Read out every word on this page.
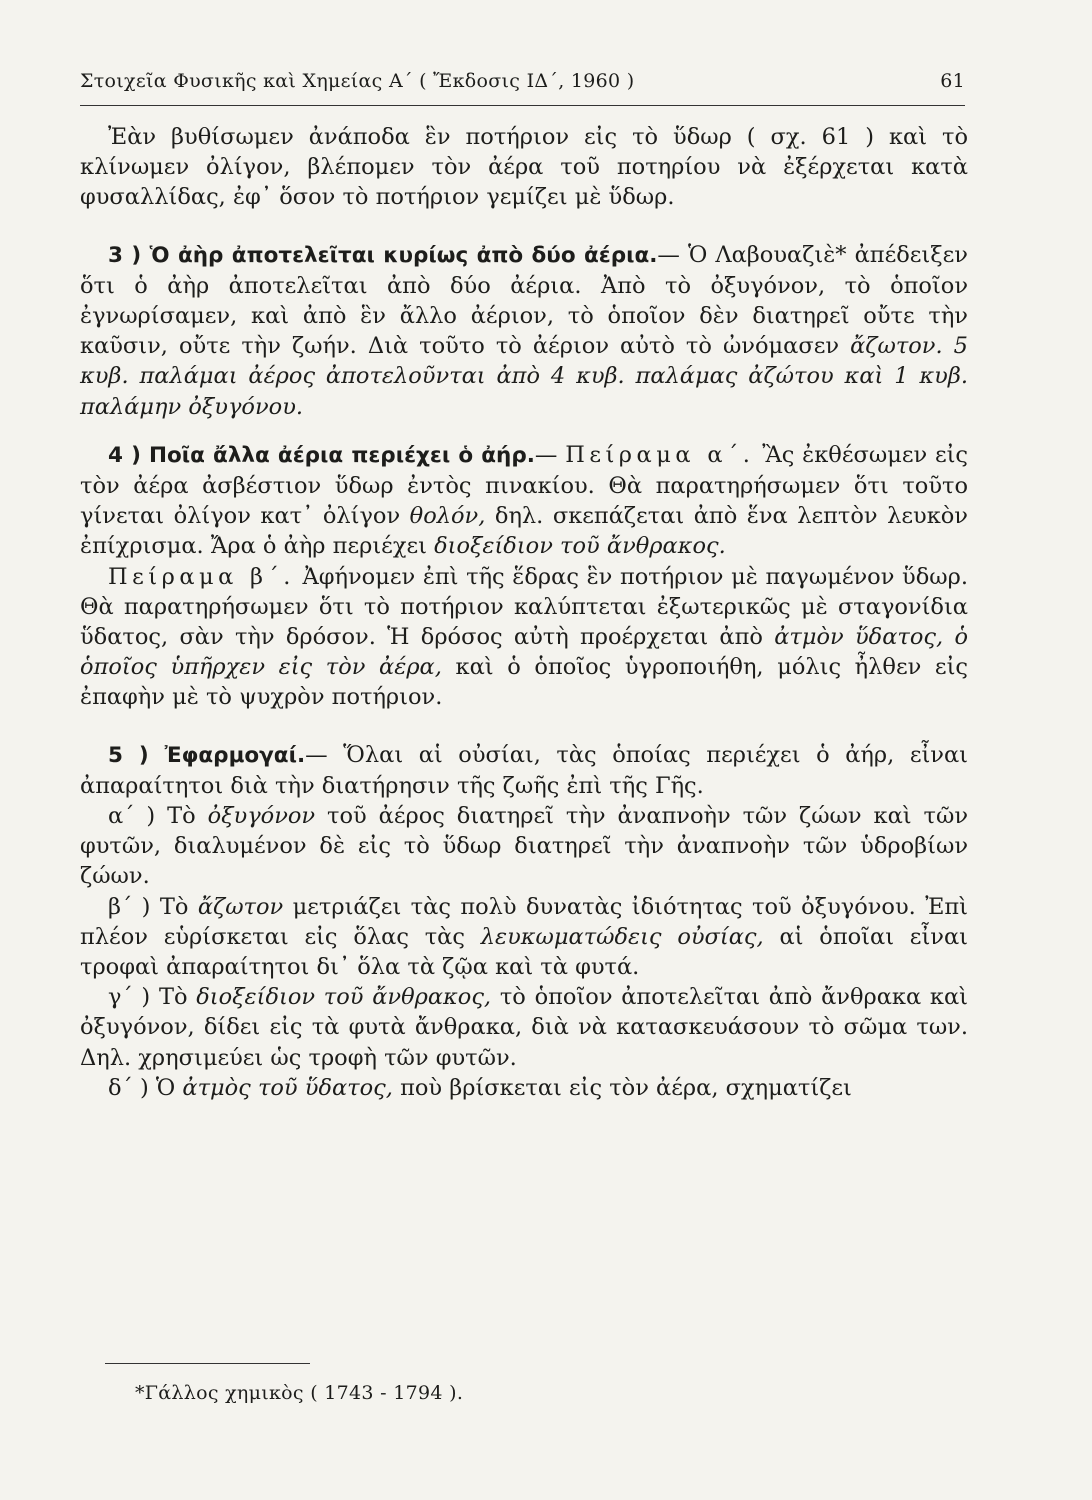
Στοιχεῖα Φυσικῆς καὶ Χημείας Α΄ ( Ἔκδοσις ΙΔ΄, 1960 )	61

Ἐὰν βυθίσωμεν ἀνάποδα ἓν ποτήριον εἰς τὸ ὕδωρ ( σχ. 61 ) καὶ τὸ κλίνωμεν ὀλίγον, βλέπομεν τὸν ἀέρα τοῦ ποτηρίου νὰ ἐξέρχεται κατὰ φυσαλλίδας, ἐφ᾽ ὅσον τὸ ποτήριον γεμίζει μὲ ὕδωρ.

3 ) Ὁ ἀὴρ ἀποτελεῖται κυρίως ἀπὸ δύο ἀέρια.— Ὁ Λαβουαζιὲ* ἀπέδειξεν ὅτι ὁ ἀὴρ ἀποτελεῖται ἀπὸ δύο ἀέρια. Ἀπὸ τὸ ὀξυγόνον, τὸ ὁποῖον ἐγνωρίσαμεν, καὶ ἀπὸ ἓν ἄλλο ἀέριον, τὸ ὁποῖον δὲν διατηρεῖ οὔτε τὴν καῦσιν, οὔτε τὴν ζωήν. Διὰ τοῦτο τὸ ἀέριον αὐτὸ τὸ ὠνόμασεν ἄζωτον. 5 κυβ. παλάμαι ἀέρος ἀποτελοῦνται ἀπὸ 4 κυβ. παλάμας ἀζώτου καὶ 1 κυβ. παλάμην ὀξυγόνου.

4 ) Ποῖα ἄλλα ἀέρια περιέχει ὁ ἀήρ.— Πείραμα α΄. Ἂς ἐκθέσωμεν εἰς τὸν ἀέρα ἀσβέστιον ὕδωρ ἐντὸς πινακίου. Θὰ παρατηρήσωμεν ὅτι τοῦτο γίνεται ὀλίγον κατ᾽ ὀλίγον θολόν, δηλ. σκεπάζεται ἀπὸ ἕνα λεπτὸν λευκὸν ἐπίχρισμα. Ἄρα ὁ ἀὴρ περιέχει διοξείδιον τοῦ ἄνθρακος.

Πείραμα β΄. Ἀφήνομεν ἐπὶ τῆς ἕδρας ἓν ποτήριον μὲ παγωμένον ὕδωρ. Θὰ παρατηρήσωμεν ὅτι τὸ ποτήριον καλύπτεται ἐξωτερικῶς μὲ σταγονίδια ὕδατος, σὰν τὴν δρόσον. Ἡ δρόσος αὐτὴ προέρχεται ἀπὸ ἀτμὸν ὕδατος, ὁ ὁποῖος ὑπῆρχεν εἰς τὸν ἀέρα, καὶ ὁ ὁποῖος ὑγροποιήθη, μόλις ἦλθεν εἰς ἐπαφὴν μὲ τὸ ψυχρὸν ποτήριον.

5 ) Ἐφαρμογαί.— Ὅλαι αἱ οὐσίαι, τὰς ὁποίας περιέχει ὁ ἀήρ, εἶναι ἀπαραίτητοι διὰ τὴν διατήρησιν τῆς ζωῆς ἐπὶ τῆς Γῆς.

α΄ ) Τὸ ὀξυγόνον τοῦ ἀέρος διατηρεῖ τὴν ἀναπνοὴν τῶν ζώων καὶ τῶν φυτῶν, διαλυμένον δὲ εἰς τὸ ὕδωρ διατηρεῖ τὴν ἀναπνοὴν τῶν ὑδροβίων ζώων.

β΄ ) Τὸ ἄζωτον μετριάζει τὰς πολὺ δυνατὰς ἰδιότητας τοῦ ὀξυγόνου. Ἐπὶ πλέον εὑρίσκεται εἰς ὅλας τὰς λευκωματώδεις οὐσίας, αἱ ὁποῖαι εἶναι τροφαὶ ἀπαραίτητοι δι᾽ ὅλα τὰ ζῷα καὶ τὰ φυτά.

γ΄ ) Τὸ διοξείδιον τοῦ ἄνθρακος, τὸ ὁποῖον ἀποτελεῖται ἀπὸ ἄνθρακα καὶ ὀξυγόνον, δίδει εἰς τὰ φυτὰ ἄνθρακα, διὰ νὰ κατασκευάσουν τὸ σῶμα των. Δηλ. χρησιμεύει ὡς τροφὴ τῶν φυτῶν.

δ΄ ) Ὁ ἀτμὸς τοῦ ὕδατος, ποὺ βρίσκεται εἰς τὸν ἀέρα, σχηματίζει

*Γάλλος χημικὸς ( 1743 - 1794 ).
